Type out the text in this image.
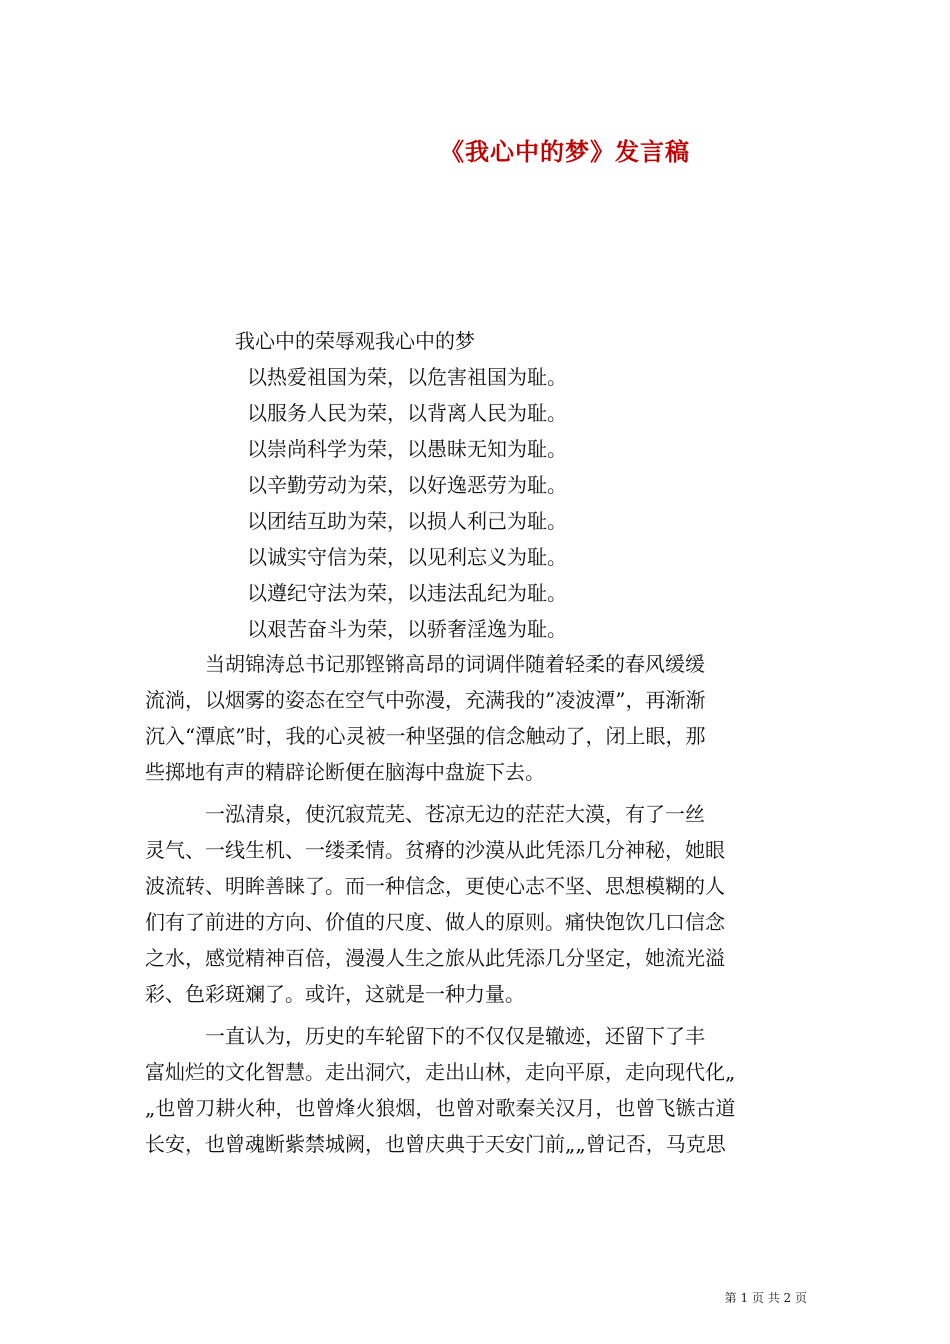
《我心中的梦》发言稿
我心中的荣辱观我心中的梦
以热爱祖国为荣，以危害祖国为耻。
以服务人民为荣，以背离人民为耻。
以崇尚科学为荣，以愚昧无知为耻。
以辛勤劳动为荣，以好逸恶劳为耻。
以团结互助为荣，以损人利己为耻。
以诚实守信为荣，以见利忘义为耻。
以遵纪守法为荣，以违法乱纪为耻。
以艰苦奋斗为荣，以骄奢淫逸为耻。
　　　当胡锦涛总书记那铿锵高昂的词调伴随着轻柔的春风缓缓
流淌，以烟雾的姿态在空气中弥漫，充满我的”凌波潭”，再渐渐
沉入“潭底”时，我的心灵被一种坚强的信念触动了，闭上眼，那
些掷地有声的精辟论断便在脑海中盘旋下去。
　　　一泓清泉，使沉寂荒芜、苍凉无边的茫茫大漠，有了一丝
灵气、一线生机、一缕柔情。贫瘠的沙漠从此凭添几分神秘，她眼
波流转、明眸善睐了。而一种信念，更使心志不坚、思想模糊的人
们有了前进的方向、价值的尺度、做人的原则。痛快饱饮几口信念
之水，感觉精神百倍，漫漫人生之旅从此凭添几分坚定，她流光溢
彩、色彩斑斓了。或许，这就是一种力量。
　　　一直认为，历史的车轮留下的不仅仅是辙迹，还留下了丰
富灿烂的文化智慧。走出洞穴，走出山林，走向平原，走向现代化„
„也曾刀耕火种，也曾烽火狼烟，也曾对歌秦关汉月，也曾飞镞古道
长安，也曾魂断紫禁城阙，也曾庆典于天安门前„„曾记否，马克思
第 1 页 共 2 页
